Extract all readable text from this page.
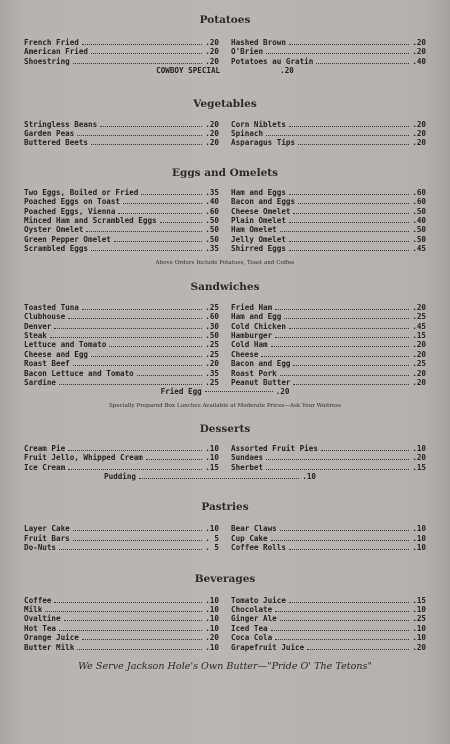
Potatoes
French Fried	.20
American Fried	.20
Shoestring	.20
Hashed Brown	.20
O'Brien	.20
Potatoes au Gratin	.40
COWBOY SPECIAL	.20
Vegetables
Stringless Beans	.20
Garden Peas	.20
Buttered Beets	.20
Corn Niblets	.20
Spinach	.20
Asparagus Tips	.20
Eggs and Omelets
Two Eggs, Boiled or Fried	.35
Poached Eggs on Toast	.40
Poached Eggs, Vienna	.60
Minced Ham and Scrambled Eggs	.50
Oyster Omelet	.50
Green Pepper Omelet	.50
Scrambled Eggs	.35
Ham and Eggs	.60
Bacon and Eggs	.60
Cheese Omelet	.50
Plain Omelet	.40
Ham Omelet	.50
Jelly Omelet	.50
Shirred Eggs	.45
Above Orders Include Potatoes, Toast and Coffee
Sandwiches
Toasted Tuna	.25
Clubhouse	.60
Denver	.30
Steak	.50
Lettuce and Tomato	.25
Cheese and Egg	.25
Roast Beef	.20
Bacon Lettuce and Tomato	.35
Sardine	.25
Fried Ham	.20
Ham and Egg	.25
Cold Chicken	.45
Hamburger	.15
Cold Ham	.20
Cheese	.20
Bacon and Egg	.25
Roast Pork	.20
Peanut Butter	.20
Fried Egg	.20
Specially Prepared Box Lunches Available at Moderate Prices—Ask Your Waitress
Desserts
Cream Pie	.10
Fruit Jello, Whipped Cream	.10
Ice Cream	.15
Assorted Fruit Pies	.10
Sundaes	.20
Sherbet	.15
Pudding	.10
Pastries
Layer Cake	.10
Fruit Bars	. 5
Do-Nuts	. 5
Bear Claws	.10
Cup Cake	.10
Coffee Rolls	.10
Beverages
Coffee	.10
Milk	.10
Ovaltine	.10
Hot Tea	.10
Orange Juice	.20
Butter Milk	.10
Tomato Juice	.15
Chocolate	.10
Ginger Ale	.25
Iced Tea	.10
Coca Cola	.10
Grapefruit Juice	.20
We Serve Jackson Hole's Own Butter—"Pride O' The Tetons"
